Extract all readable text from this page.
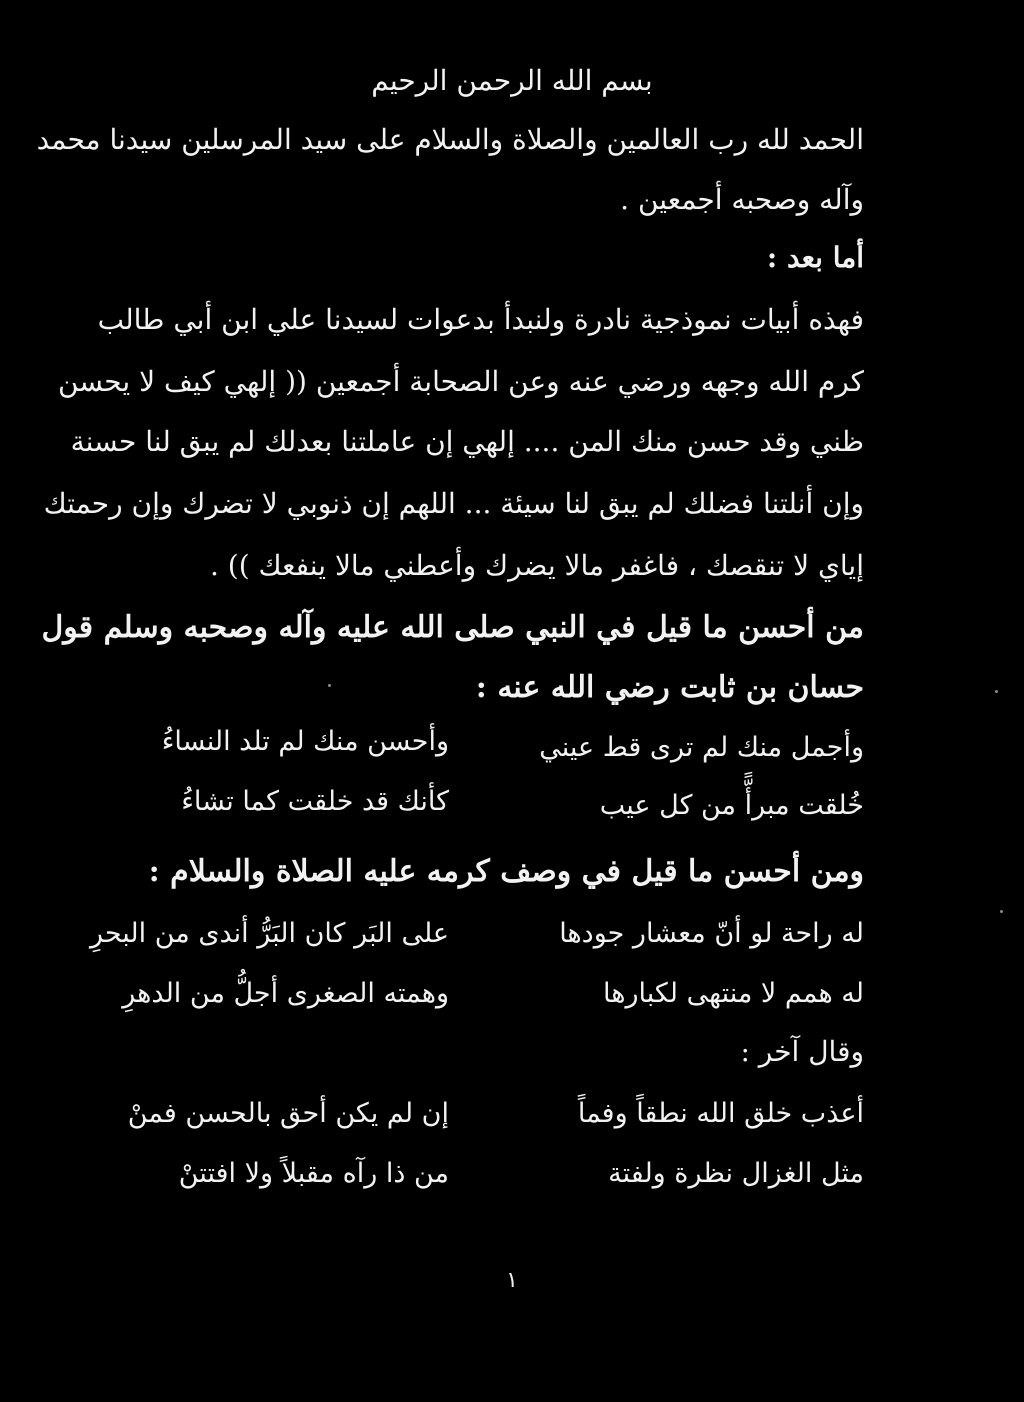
بسم الله الرحمن الرحيم
الحمد لله رب العالمين والصلاة والسلام على سيد المرسلين سيدنا محمد
وآله وصحبه أجمعين .
أما بعد :
فهذه أبيات نموذجية نادرة ولنبدأ بدعوات لسيدنا علي ابن أبي طالب
كرم الله وجهه ورضي عنه وعن الصحابة أجمعين (( إلهي كيف لا يحسن
ظني وقد حسن منك المن .... إلهي إن عاملتنا بعدلك لم يبق لنا حسنة
وإن أنلتنا فضلك لم يبق لنا سيئة ... اللهم إن ذنوبي لا تضرك وإن رحمتك
إياي لا تنقصك ، فاغفر مالا يضرك وأعطني مالا ينفعك )) .
من أحسن ما قيل في النبي صلى الله عليه وآله وصحبه وسلم قول
حسان بن ثابت رضي الله عنه :
وأجمل منك لم ترى قط عيني
وأحسن منك لم تلد النساءُ
خُلقت مبرأًّ من كل عيب
كأنك قد خلقت كما تشاءُ
ومن أحسن ما قيل في وصف كرمه عليه الصلاة والسلام :
له راحة لو أنّ معشار جودها
على البَر كان البَرُّ أندى من البحرِ
له همم لا منتهى لكبارها
وهمته الصغرى أجلُّ من الدهرِ
وقال آخر :
أعذب خلق الله نطقاً وفماً
إن لم يكن أحق بالحسن فمنْ
مثل الغزال نظرة ولفتة
من ذا رآه مقبلاً ولا افتتنْ
١
